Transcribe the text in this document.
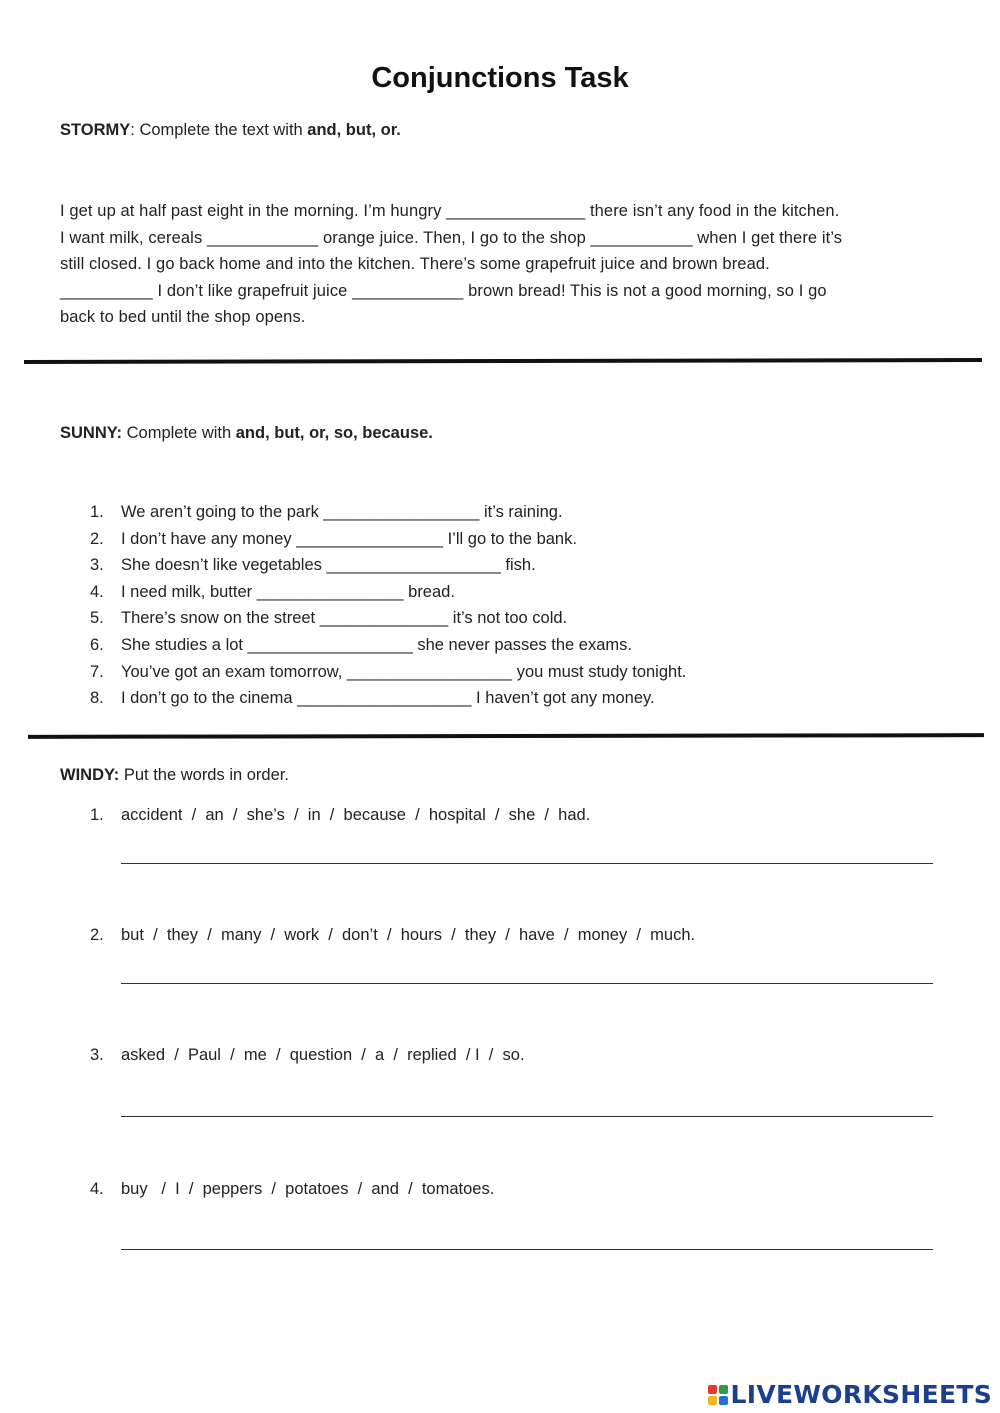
Conjunctions Task
STORMY: Complete the text with and, but, or.
I get up at half past eight in the morning. I’m hungry _______________ there isn’t any food in the kitchen.
I want milk, cereals ____________ orange juice. Then, I go to the shop ___________ when I get there it’s
still closed. I go back home and into the kitchen. There’s some grapefruit juice and brown bread.
__________ I don’t like grapefruit juice ____________ brown bread! This is not a good morning, so I go
back to bed until the shop opens.
SUNNY: Complete with and, but, or, so, because.
1. We aren’t going to the park _________________ it’s raining.
2. I don’t have any money ________________ I’ll go to the bank.
3. She doesn’t like vegetables ___________________ fish.
4. I need milk, butter ________________ bread.
5. There’s snow on the street ______________ it’s not too cold.
6. She studies a lot __________________ she never passes the exams.
7. You’ve got an exam tomorrow, __________________ you must study tonight.
8. I don’t go to the cinema ___________________ I haven’t got any money.
WINDY: Put the words in order.
1. accident  /  an  /  she’s  /  in  /  because  /  hospital  /  she  /  had.
2. but  /  they  /  many  /  work  /  don’t  /  hours  /  they  /  have  /  money  /  much.
3. asked  /  Paul  /  me  /  question  /  a  /  replied  / I  /  so.
4. buy   /  I  /  peppers  /  potatoes  /  and  /  tomatoes.
LIVEWORKSHEETS
